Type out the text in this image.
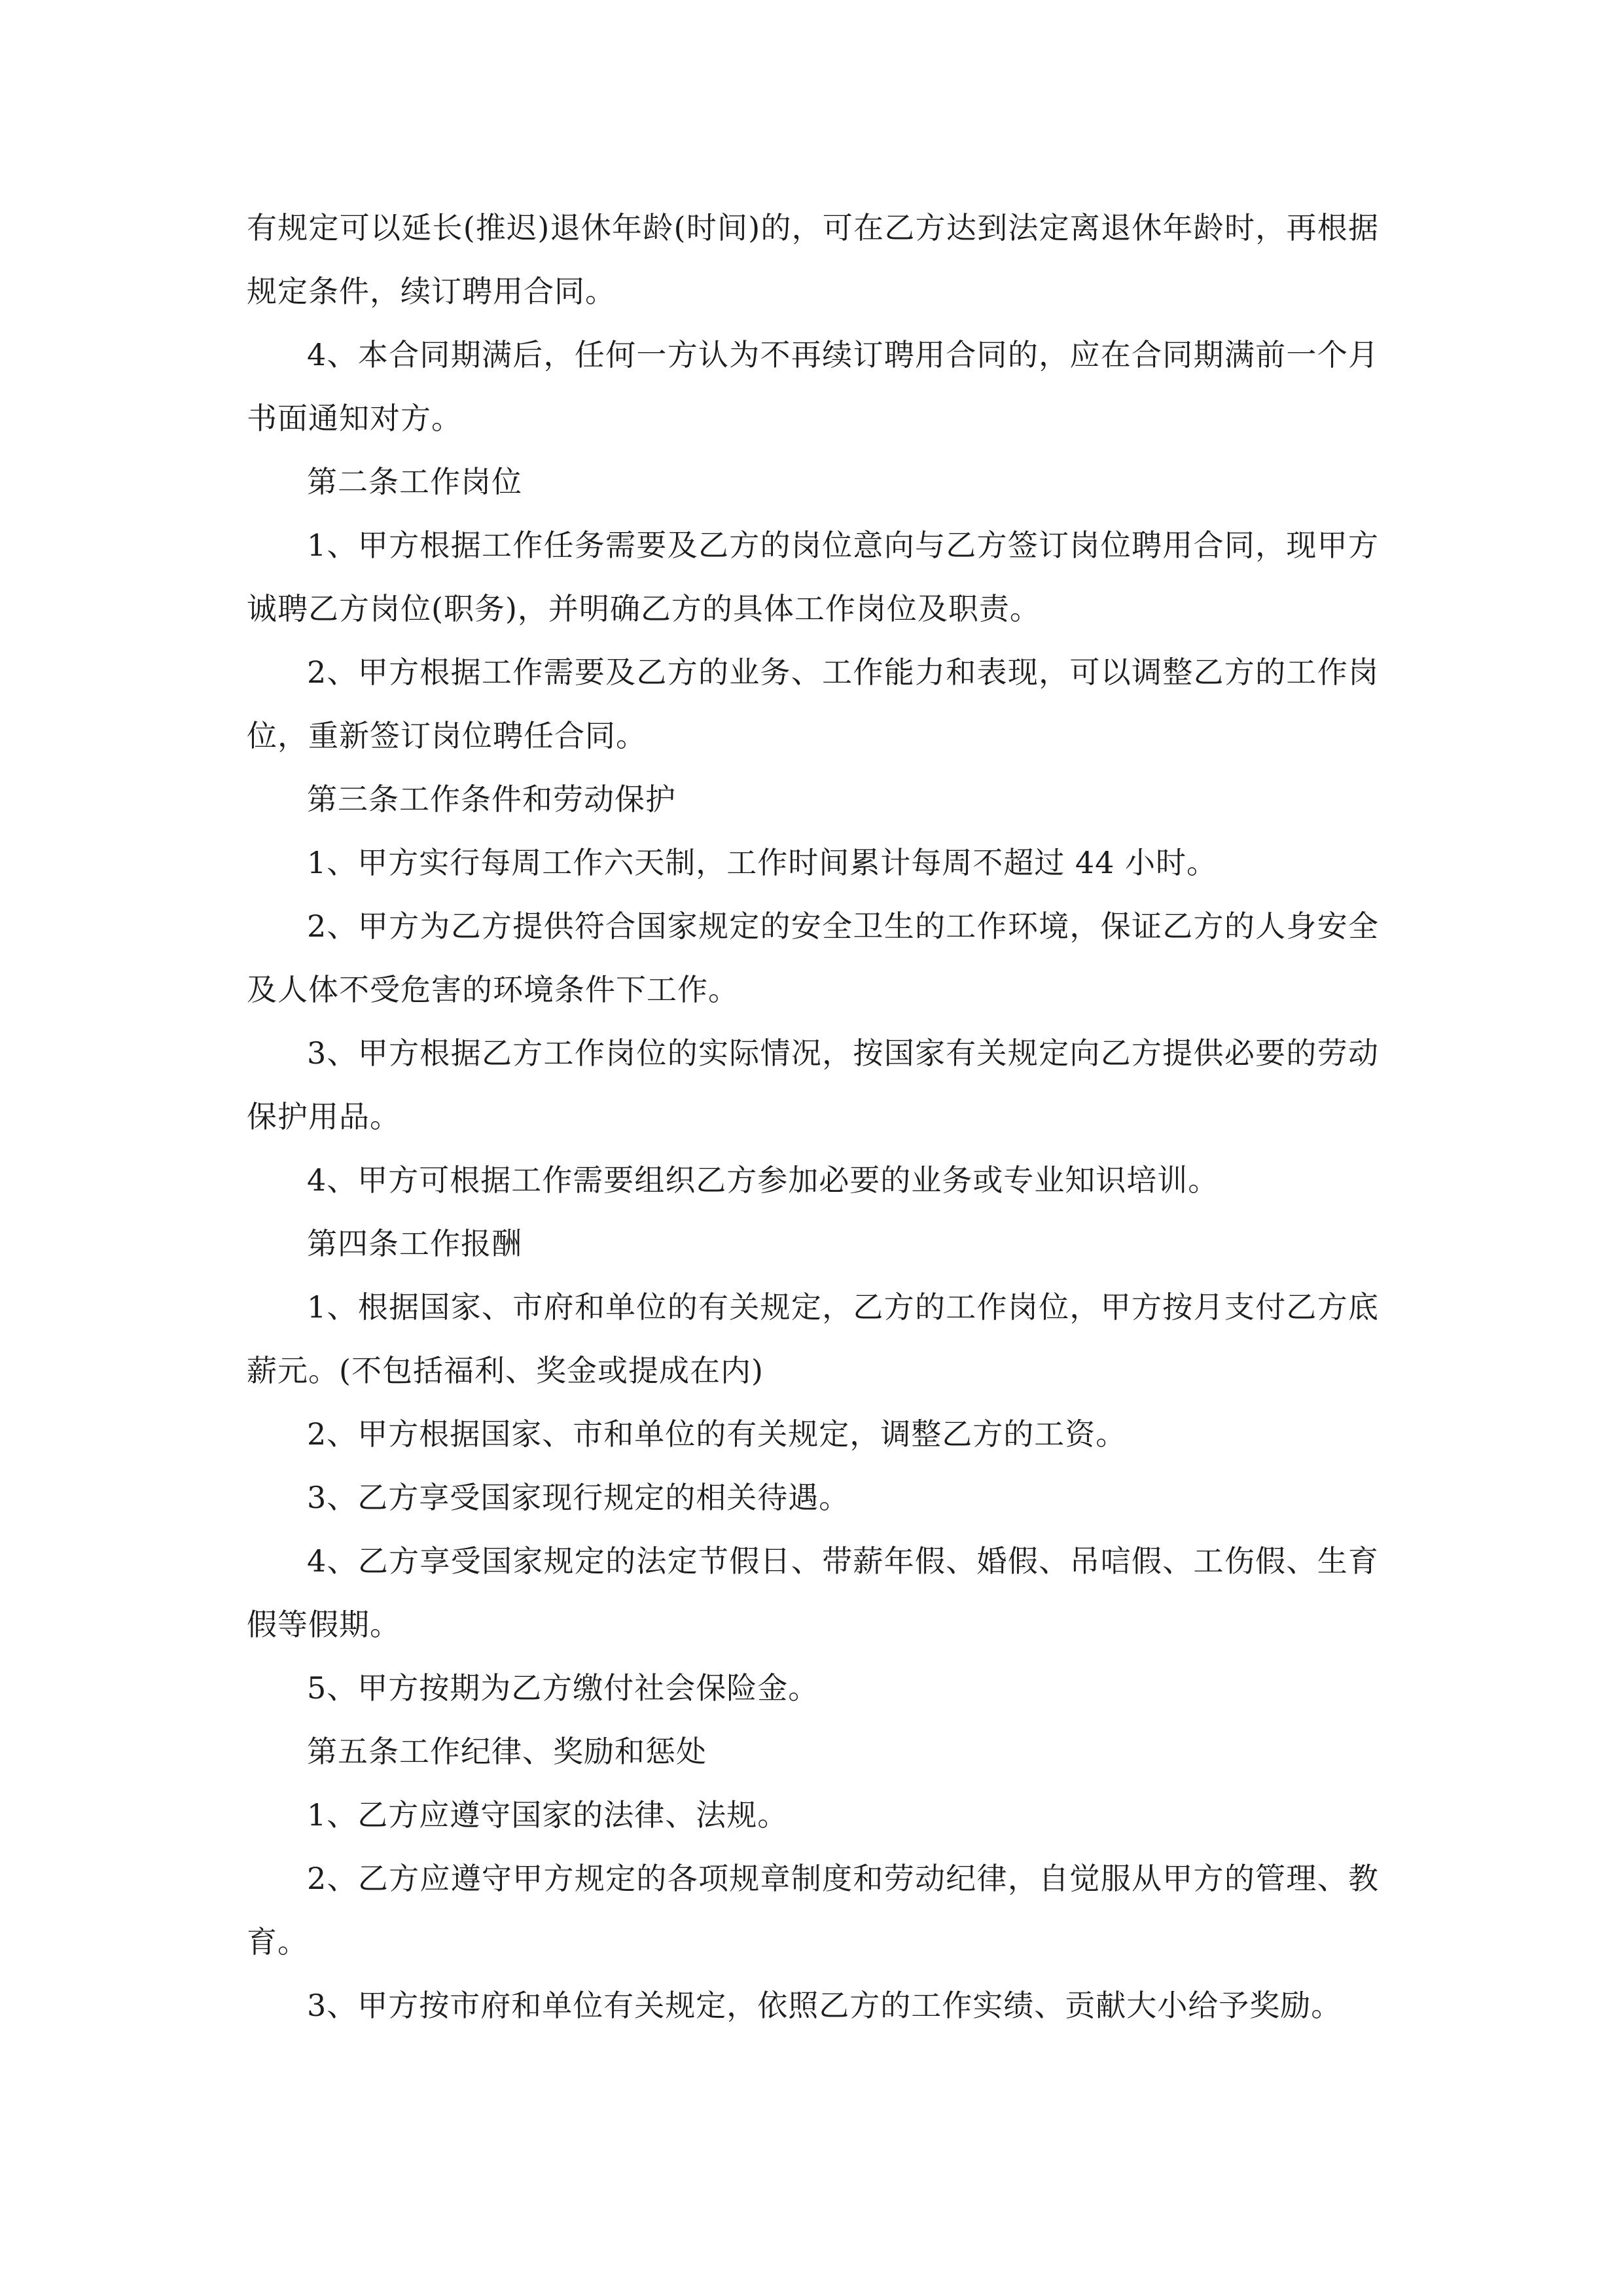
有规定可以延长(推迟)退休年龄(时间)的，可在乙方达到法定离退休年龄时，再根据规定条件，续订聘用合同。

4、本合同期满后，任何一方认为不再续订聘用合同的，应在合同期满前一个月书面通知对方。

第二条工作岗位

1、甲方根据工作任务需要及乙方的岗位意向与乙方签订岗位聘用合同，现甲方诚聘乙方岗位(职务)，并明确乙方的具体工作岗位及职责。

2、甲方根据工作需要及乙方的业务、工作能力和表现，可以调整乙方的工作岗位，重新签订岗位聘任合同。

第三条工作条件和劳动保护

1、甲方实行每周工作六天制，工作时间累计每周不超过 44 小时。

2、甲方为乙方提供符合国家规定的安全卫生的工作环境，保证乙方的人身安全及人体不受危害的环境条件下工作。

3、甲方根据乙方工作岗位的实际情况，按国家有关规定向乙方提供必要的劳动保护用品。

4、甲方可根据工作需要组织乙方参加必要的业务或专业知识培训。

第四条工作报酬

1、根据国家、市府和单位的有关规定，乙方的工作岗位，甲方按月支付乙方底薪元。(不包括福利、奖金或提成在内)

2、甲方根据国家、市和单位的有关规定，调整乙方的工资。

3、乙方享受国家现行规定的相关待遇。

4、乙方享受国家规定的法定节假日、带薪年假、婚假、吊唁假、工伤假、生育假等假期。

5、甲方按期为乙方缴付社会保险金。

第五条工作纪律、奖励和惩处

1、乙方应遵守国家的法律、法规。

2、乙方应遵守甲方规定的各项规章制度和劳动纪律，自觉服从甲方的管理、教育。

3、甲方按市府和单位有关规定，依照乙方的工作实绩、贡献大小给予奖励。
